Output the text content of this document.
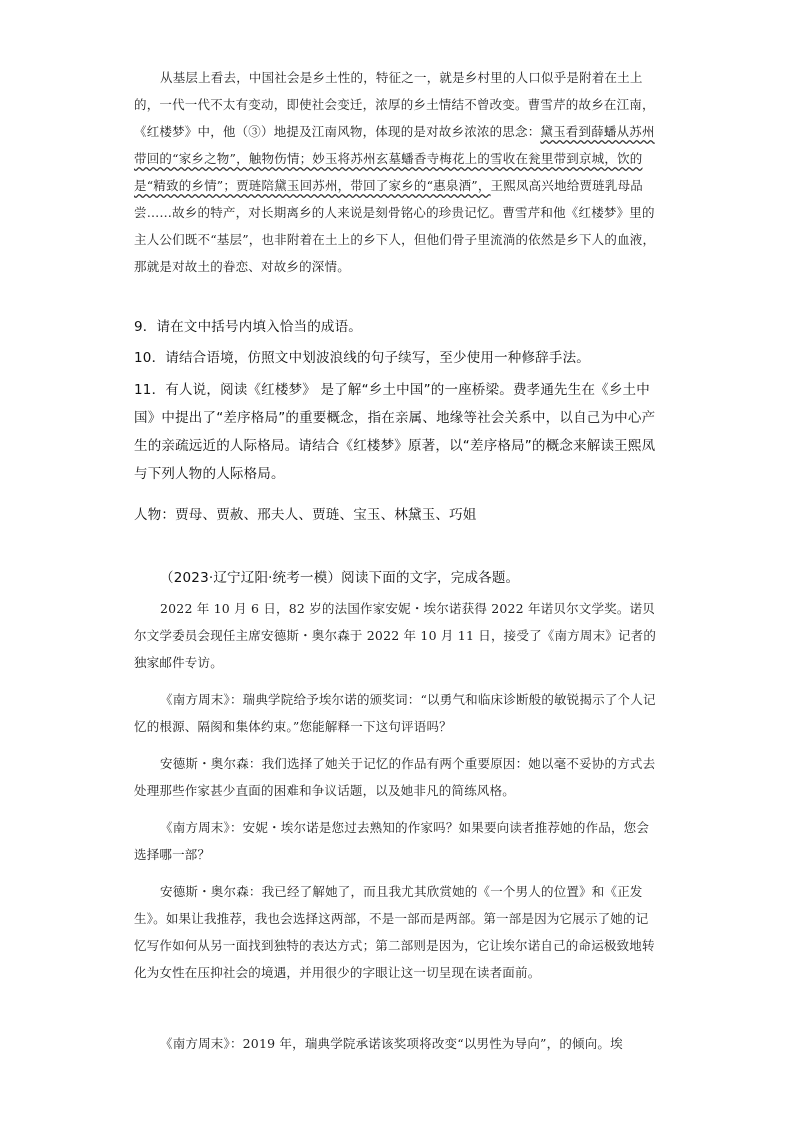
从基层上看去，中国社会是乡土性的，特征之一，就是乡村里的人口似乎是附着在土上的，一代一代不太有变动，即使社会变迁，浓厚的乡土情结不曾改变。曹雪芹的故乡在江南，《红楼梦》中，他（③）地提及江南风物，体现的是对故乡浓浓的思念：黛玉看到薛蟠从苏州带回的“家乡之物”，触物伤情；妙玉将苏州玄墓蟠香寺梅花上的雪收在瓮里带到京城，饮的是“精致的乡情”；贾琏陪黛玉回苏州，带回了家乡的“惠泉酒”，王熙凤高兴地给贾琏乳母品尝……故乡的特产，对长期离乡的人来说是刻骨铭心的珍贵记忆。曹雪芹和他《红楼梦》里的主人公们既不“基层”，也非附着在土上的乡下人，但他们骨子里流淌的依然是乡下人的血液，那就是对故土的眷恋、对故乡的深情。

9．请在文中括号内填入恰当的成语。

10．请结合语境，仿照文中划波浪线的句子续写，至少使用一种修辞手法。

11．有人说，阅读《红楼梦》 是了解“乡土中国”的一座桥梁。费孝通先生在《乡土中国》中提出了“差序格局”的重要概念，指在亲属、地缘等社会关系中，以自己为中心产生的亲疏远近的人际格局。请结合《红楼梦》原著，以“差序格局”的概念来解读王熙凤与下列人物的人际格局。

人物：贾母、贾赦、邢夫人、贾琏、宝玉、林黛玉、巧姐

（2023·辽宁辽阳·统考一模）阅读下面的文字，完成各题。

2022 年 10 月 6 日，82 岁的法国作家安妮・埃尔诺获得 2022 年诺贝尔文学奖。诺贝尔文学委员会现任主席安德斯・奥尔森于 2022 年 10 月 11 日，接受了《南方周末》记者的独家邮件专访。

《南方周末》：瑞典学院给予埃尔诺的颁奖词：“以勇气和临床诊断般的敏锐揭示了个人记忆的根源、隔阂和集体约束。”您能解释一下这句评语吗？

安德斯・奥尔森：我们选择了她关于记忆的作品有两个重要原因：她以毫不妥协的方式去处理那些作家甚少直面的困难和争议话题，以及她非凡的简练风格。

《南方周末》：安妮・埃尔诺是您过去熟知的作家吗？如果要向读者推荐她的作品，您会选择哪一部？

安德斯・奥尔森：我已经了解她了，而且我尤其欣赏她的《一个男人的位置》和《正发生》。如果让我推荐，我也会选择这两部，不是一部而是两部。第一部是因为它展示了她的记忆写作如何从另一面找到独特的表达方式；第二部则是因为，它让埃尔诺自己的命运极致地转化为女性在压抑社会的境遇，并用很少的字眼让这一切呈现在读者面前。

《南方周末》：2019 年，瑞典学院承诺该奖项将改变“以男性为导向”，的倾向。埃
